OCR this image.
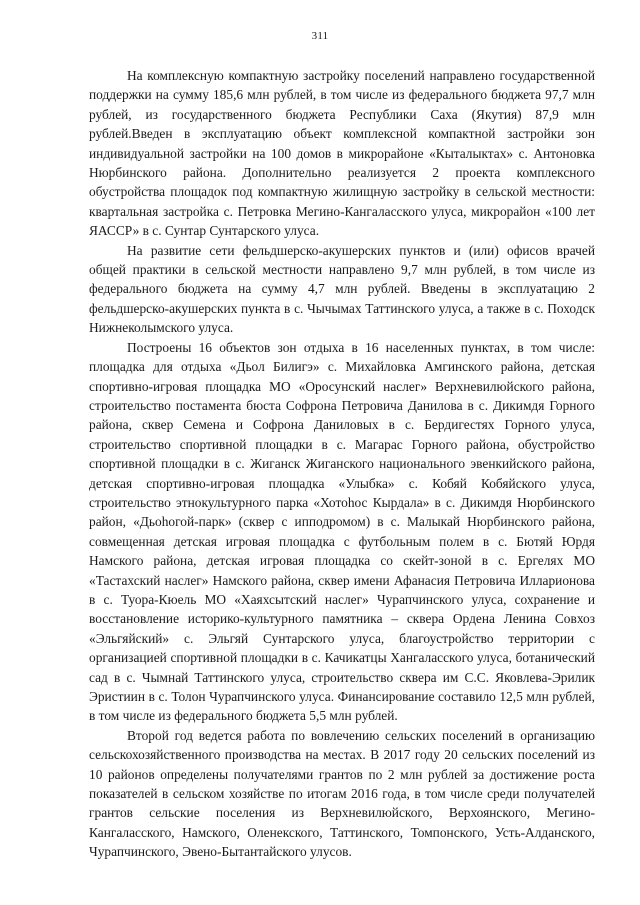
311

На комплексную компактную застройку поселений направлено государственной поддержки на сумму 185,6 млн рублей, в том числе из федерального бюджета 97,7 млн рублей, из государственного бюджета Республики Саха (Якутия) 87,9 млн рублей.Введен в эксплуатацию объект комплексной компактной застройки зон индивидуальной застройки на 100 домов в микрорайоне «Кыталыктах» с. Антоновка Нюрбинского района. Дополнительно реализуется 2 проекта комплексного обустройства площадок под компактную жилищную застройку в сельской местности: квартальная застройка с. Петровка Мегино-Кангаласского улуса, микрорайон «100 лет ЯАССР» в с. Сунтар Сунтарского улуса.

На развитие сети фельдшерско-акушерских пунктов и (или) офисов врачей общей практики в сельской местности направлено 9,7 млн рублей, в том числе из федерального бюджета на сумму 4,7 млн рублей. Введены в эксплуатацию 2 фельдшерско-акушерских пункта в с. Чычымах Таттинского улуса, а также в с. Походск Нижнеколымского улуса.

Построены 16 объектов зон отдыха в 16 населенных пунктах, в том числе: площадка для отдыха «Дьол Билигэ» с. Михайловка Амгинского района, детская спортивно-игровая площадка МО «Оросунский наслег» Верхневилюйского района, строительство постамента бюста Софрона Петровича Данилова в с. Дикимдя Горного района, сквер Семена и Софрона Даниловых в с. Бердигестях Горного улуса, строительство спортивной площадки в с. Магарас Горного района, обустройство спортивной площадки в с. Жиганск Жиганского национального эвенкийского района, детская спортивно-игровая площадка «Улыбка» с. Кобяй Кобяйского улуса, строительство этнокультурного парка «Хотоhос Кырдала» в с. Дикимдя Нюрбинского район, «Дьоhогой-парк» (сквер с ипподромом) в с. Малыкай Нюрбинского района, совмещенная детская игровая площадка с футбольным полем в с. Бютяй Юрдя Намского района, детская игровая площадка со скейт-зоной в с. Ергелях МО «Тастахский наслег» Намского района, сквер имени Афанасия Петровича Илларионова в с. Туора-Кюель МО «Хаяхсытский наслег» Чурапчинского улуса, сохранение и восстановление историко-культурного памятника – сквера Ордена Ленина Совхоз «Эльгяйский» с. Эльгяй Сунтарского улуса, благоустройство территории с организацией спортивной площадки в с. Качикатцы Хангаласского улуса, ботанический сад в с. Чымнай Таттинского улуса, строительство сквера им С.С. Яковлева-Эрилик Эристиин в с. Толон Чурапчинского улуса. Финансирование составило 12,5 млн рублей, в том числе из федерального бюджета 5,5 млн рублей.

Второй год ведется работа по вовлечению сельских поселений в организацию сельскохозяйственного производства на местах. В 2017 году 20 сельских поселений из 10 районов определены получателями грантов по 2 млн рублей за достижение роста показателей в сельском хозяйстве по итогам 2016 года, в том числе среди получателей грантов сельские поселения из Верхневилюйского, Верхоянского, Мегино-Кангаласского, Намского, Оленекского, Таттинского, Томпонского, Усть-Алданского, Чурапчинского, Эвено-Бытантайского улусов.
